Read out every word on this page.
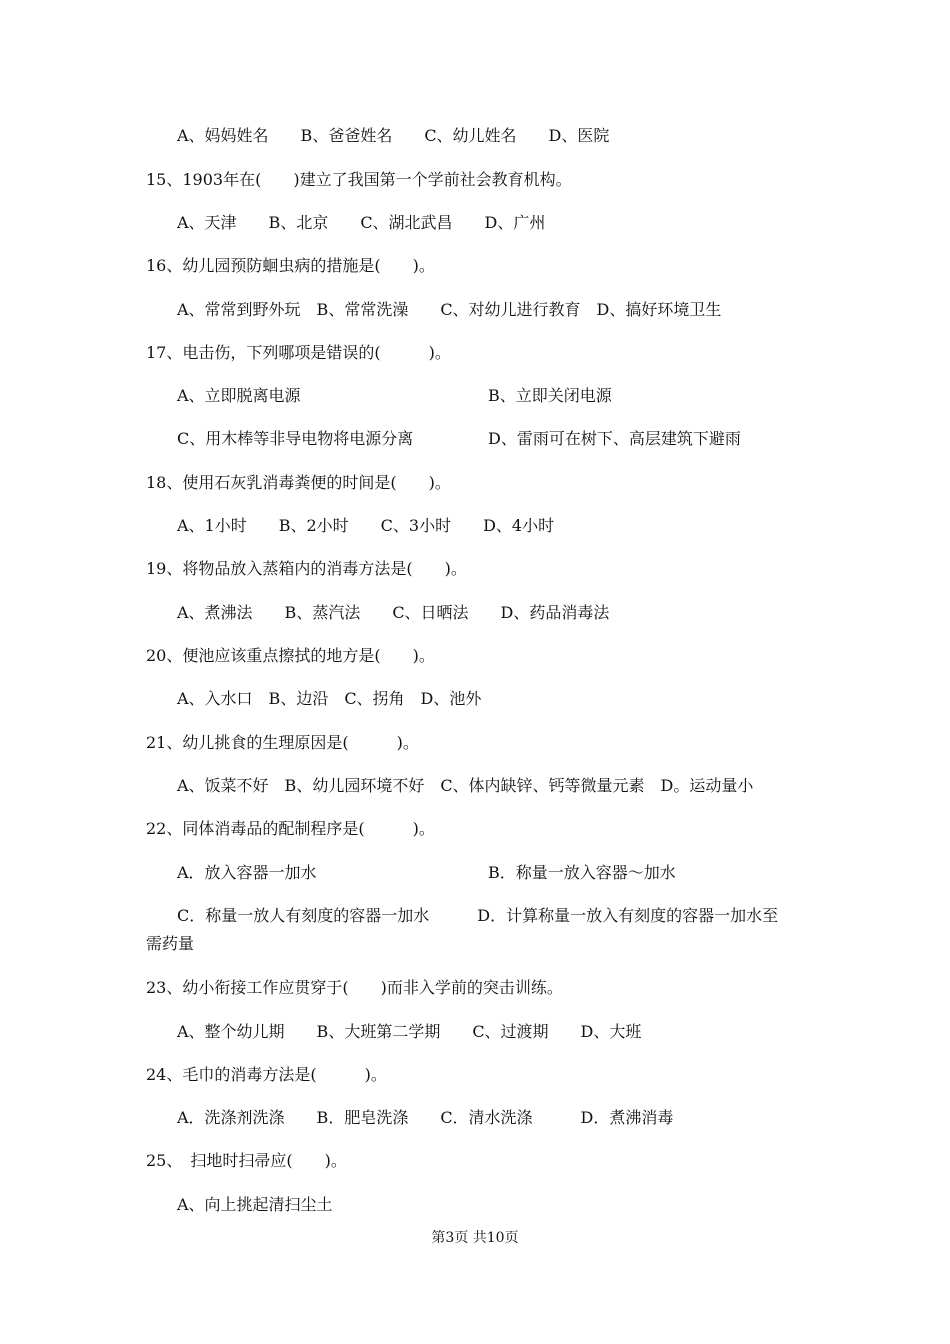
A、妈妈姓名　　B、爸爸姓名　　C、幼儿姓名　　D、医院
15、1903年在(　　)建立了我国第一个学前社会教育机构。
A、天津　　B、北京　　C、湖北武昌　　D、广州
16、幼儿园预防蛔虫病的措施是(　　)。
A、常常到野外玩　B、常常洗澡　　C、对幼儿进行教育　D、搞好环境卫生
17、电击伤，下列哪项是错误的(　　　)。
A、立即脱离电源	B、立即关闭电源
C、用木棒等非导电物将电源分离	D、雷雨可在树下、高层建筑下避雨
18、使用石灰乳消毒粪便的时间是(　　)。
A、1小时　　B、2小时　　C、3小时　　D、4小时
19、将物品放入蒸箱内的消毒方法是(　　)。
A、煮沸法　　B、蒸汽法　　C、日晒法　　D、药品消毒法
20、便池应该重点擦拭的地方是(　　)。
A、入水口　B、边沿　C、拐角　D、池外
21、幼儿挑食的生理原因是(　　　)。
A、饭菜不好　B、幼儿园环境不好　C、体内缺锌、钙等微量元素　D。运动量小
22、同体消毒品的配制程序是(　　　)。
A．放入容器一加水	B．称量一放入容器～加水
C．称量一放人有刻度的容器一加水　　　D．计算称量一放入有刻度的容器一加水至
需药量
23、幼小衔接工作应贯穿于(　　)而非入学前的突击训练。
A、整个幼儿期　　B、大班第二学期　　C、过渡期　　D、大班
24、毛巾的消毒方法是(　　　)。
A．洗涤剂洗涤　　B．肥皂洗涤　　C．清水洗涤　　　D．煮沸消毒
25、　扫地时扫帚应(　　)。
A、向上挑起清扫尘土
第3页 共10页
